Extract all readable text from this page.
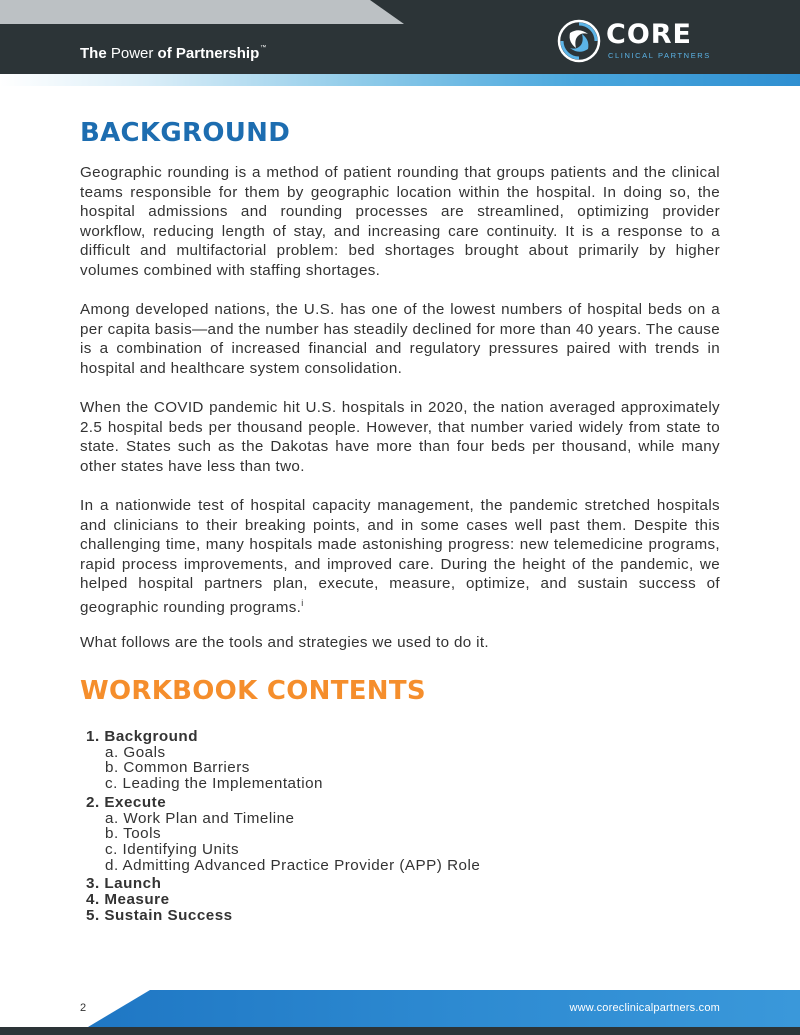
The Power of Partnership™	CORE
CLINICAL PARTNERS
BACKGROUND

Geographic rounding is a method of patient rounding that groups patients and the clinical teams responsible for them by geographic location within the hospital. In doing so, the hospital admissions and rounding processes are streamlined, optimizing provider workflow, reducing length of stay, and increasing care continuity. It is a response to a difficult and multifactorial problem: bed shortages brought about primarily by higher volumes combined with staffing shortages.

Among developed nations, the U.S. has one of the lowest numbers of hospital beds on a per capita basis—and the number has steadily declined for more than 40 years. The cause is a combination of increased financial and regulatory pressures paired with trends in hospital and healthcare system consolidation.

When the COVID pandemic hit U.S. hospitals in 2020, the nation averaged approximately 2.5 hospital beds per thousand people. However, that number varied widely from state to state. States such as the Dakotas have more than four beds per thousand, while many other states have less than two.

In a nationwide test of hospital capacity management, the pandemic stretched hospitals and clinicians to their breaking points, and in some cases well past them. Despite this challenging time, many hospitals made astonishing progress: new telemedicine programs, rapid process improvements, and improved care. During the height of the pandemic, we helped hospital partners plan, execute, measure, optimize, and sustain success of geographic rounding programs.$^i$

What follows are the tools and strategies we used to do it.

WORKBOOK CONTENTS
1. Background
a. Goals
b. Common Barriers
c. Leading the Implementation
2. Execute
a. Work Plan and Timeline
b. Tools
c. Identifying Units
d. Admitting Advanced Practice Provider (APP) Role
3. Launch
4. Measure
5. Sustain Success
2	www.coreclinicalpartners.com
